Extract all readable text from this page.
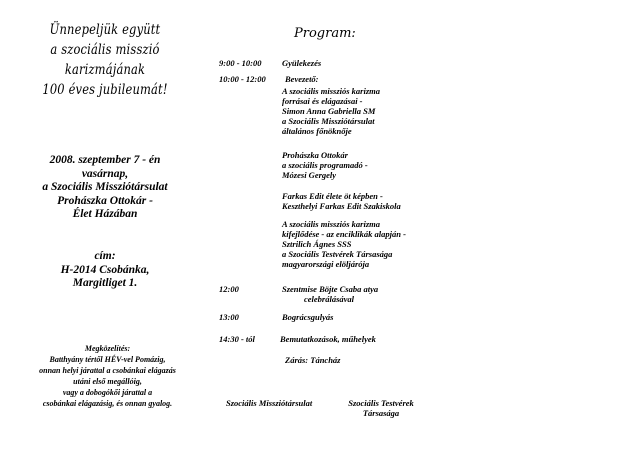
Ünnepeljük együtt
a szociális misszió
karizmájának
100 éves jubileumát!
2008. szeptember 7 - én
vasárnap,
a Szociális Missziótársulat
Prohászka Ottokár -
Élet Házában
cím:
H-2014 Csobánka,
Margitliget 1.
Megközelítés:
Batthyány tértől HÉV-vel Pomázig,
onnan helyi járattal a csobánkai elágazás
utáni első megállóig,
vagy a dobogókői járattal a
csobánkai elágazásig, és onnan gyalog.
Program:
9:00 - 10:00 Gyülekezés
10:00 - 12:00 Bevezető:
A szociális missziós karizma
forrásai és elágazásai -
Simon Anna Gabriella SM
a Szociális Missziótársulat
általános főnöknője
Prohászka Ottokár
a szociális programadó -
Mózesi Gergely
Farkas Edit élete öt képben -
Keszthelyi Farkas Edit Szakiskola
A szociális missziós karizma
kifejlődése - az enciklikák alapján -
Sztrilich Ágnes SSS
a Szociális Testvérek Társasága
magyarországi elöljárója
12:00	Szentmise Böjte Csaba atya
celebrálásával
13:00	Bográcsgulyás
14:30 - tól	Bemutatkozások, műhelyek
Zárás: Táncház
Szociális Missziótársulat	Szociális Testvérek
Társasága
